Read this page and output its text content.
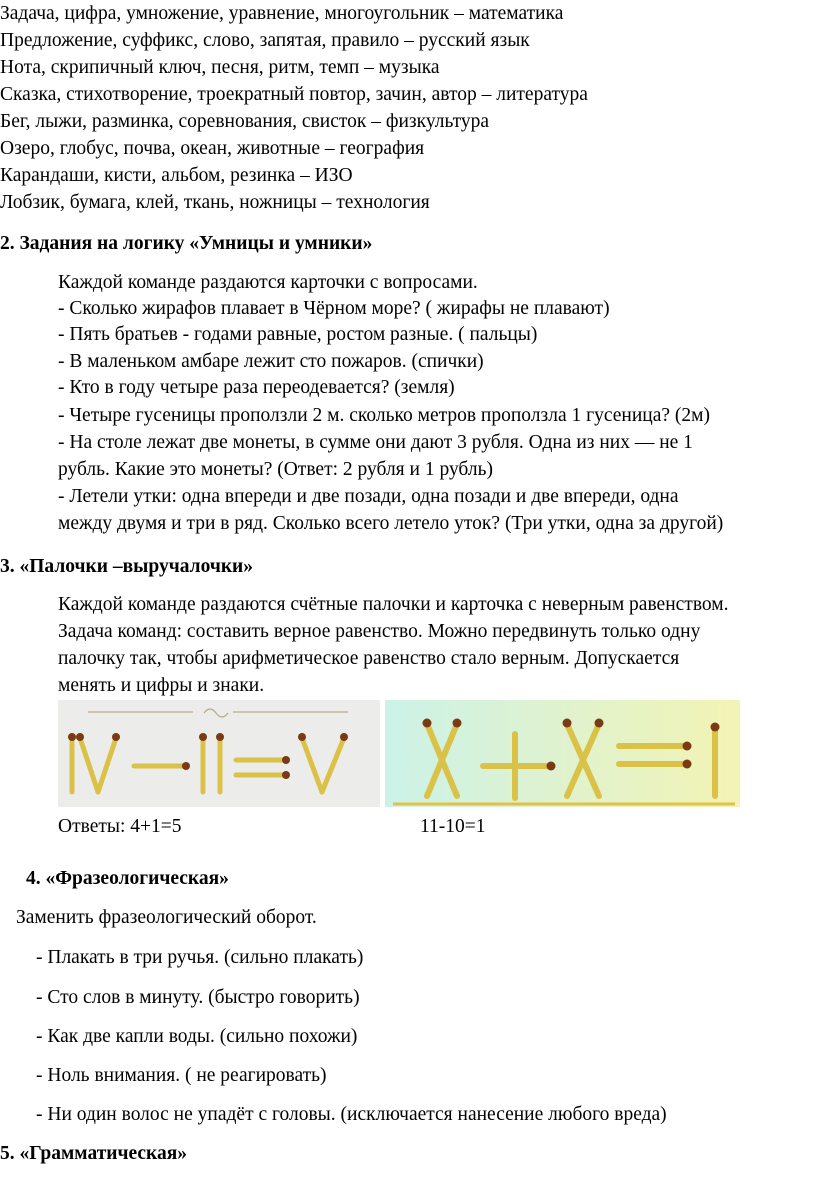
Задача, цифра, умножение, уравнение, многоугольник – математика
Предложение, суффикс, слово, запятая, правило – русский язык
Нота, скрипичный ключ, песня, ритм, темп – музыка
Сказка, стихотворение, троекратный повтор, зачин, автор – литература
Бег, лыжи, разминка, соревнования, свисток – физкультура
Озеро, глобус, почва, океан, животные – география
Карандаши, кисти, альбом, резинка – ИЗО
Лобзик, бумага, клей, ткань, ножницы – технология
2. Задания на логику «Умницы и умники»
Каждой команде раздаются карточки с вопросами.
- Сколько жирафов плавает в Чёрном море? ( жирафы не плавают)
- Пять братьев - годами равные, ростом разные. ( пальцы)
- В маленьком амбаре лежит сто пожаров. (спички)
- Кто в году четыре раза переодевается? (земля)
- Четыре гусеницы проползли 2 м. сколько метров проползла 1 гусеница? (2м)
- На столе лежат две монеты, в сумме они дают 3 рубля. Одна из них — не 1
рубль. Какие это монеты? (Ответ: 2 рубля и 1 рубль)
- Летели утки: одна впереди и две позади, одна позади и две впереди, одна
между двумя и три в ряд. Сколько всего летело уток? (Три утки, одна за другой)
3. «Палочки –выручалочки»
Каждой команде раздаются счётные палочки и карточка с неверным равенством.
Задача команд: составить верное равенство. Можно передвинуть только одну
палочку так, чтобы арифметическое равенство стало верным. Допускается
менять и цифры и знаки.
Ответы: 4+1=5	11-10=1
4. «Фразеологическая»
Заменить фразеологический оборот.
- Плакать в три ручья. (сильно плакать)
- Сто слов в минуту. (быстро говорить)
- Как две капли воды. (сильно похожи)
- Ноль внимания. ( не реагировать)
- Ни один волос не упадёт с головы. (исключается нанесение любого вреда)
5. «Грамматическая»
